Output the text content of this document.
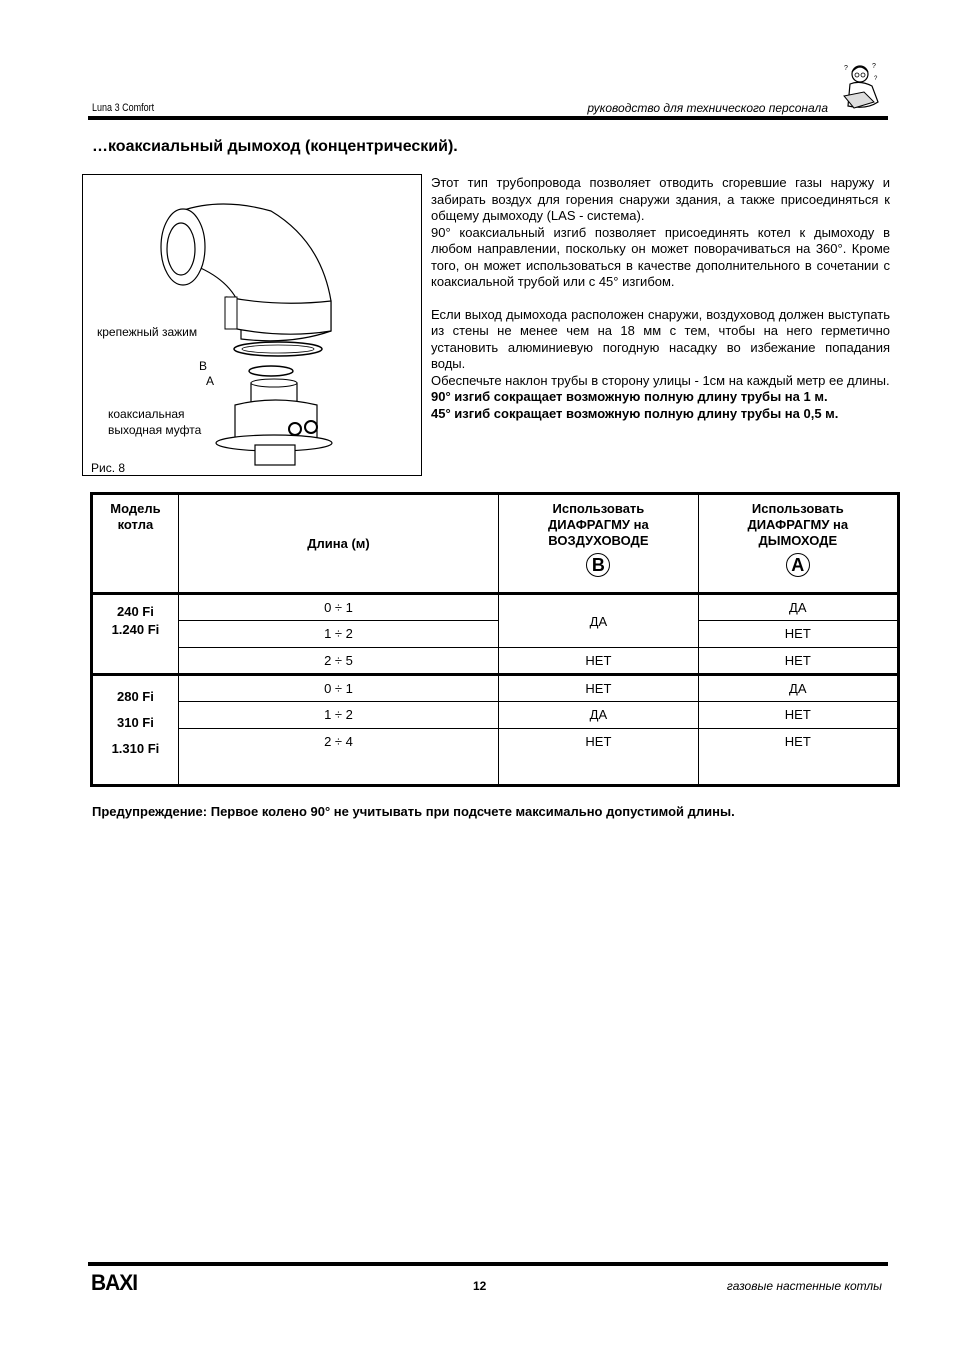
Luna 3 Comfort	руководство для технического персонала
?
?
?
…коаксиальный дымоход (концентрический).
крепежный зажим
B
A
коаксиальная
выходная муфта
Рис. 8

Этот тип трубопровода позволяет отводить сгоревшие газы наружу и забирать воздух для горения снаружи здания, а также присоединяться к общему дымоходу (LAS - система).

90° коаксиальный изгиб позволяет присоединять котел к дымоходу в любом направлении, поскольку он может поворачиваться на 360°. Кроме того, он может использоваться в качестве дополнительного в сочетании с коаксиальной трубой или с 45° изгибом.

Если выход дымохода расположен снаружи, воздуховод должен выступать из стены не менее чем на 18 мм с тем, чтобы на него герметично установить алюминиевую погодную насадку во избежание попадания воды.

Обеспечьте наклон трубы в сторону улицы - 1см на каждый метр ее длины.

90° изгиб сокращает возможную полную длину трубы на 1 м.

45° изгиб сокращает возможную полную длину трубы на 0,5 м.

Модель котла
	Длина (м)	
Использовать
ДИАФРАГМУ на
ВОЗДУХОВОДЕ
B	
Использовать
ДИАФРАГМУ на
ДЫМОХОДЕ
A

240 Fi
1.240 Fi	0 ÷ 1	ДА	ДА
	1 ÷ 2		НЕТ
	2 ÷ 5	НЕТ	НЕТ

280 Fi
310 Fi
1.310 Fi	0 ÷ 1	НЕТ	ДА
	1 ÷ 2	ДА	НЕТ
	2 ÷ 4	НЕТ	НЕТ
Предупреждение: Первое колено 90° не учитывать при подсчете максимально допустимой длины.
BAXI	12	газовые настенные котлы
